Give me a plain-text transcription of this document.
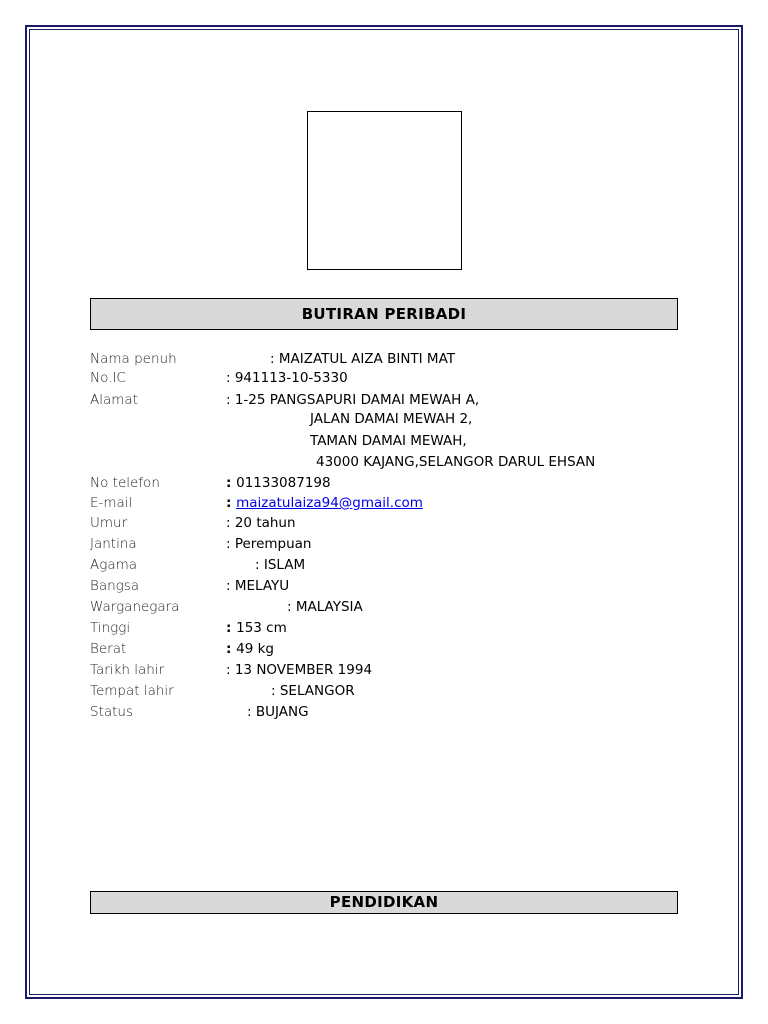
BUTIRAN PERIBADI
Nama penuh	: MAIZATUL AIZA BINTI MAT
No.IC	: 941113-10-5330
Alamat	: 1-25 PANGSAPURI DAMAI MEWAH A,
JALAN DAMAI MEWAH 2,
TAMAN DAMAI MEWAH,
43000 KAJANG,SELANGOR DARUL EHSAN
No telefon	: 01133087198
E-mail	: maizatulaiza94@gmail.com
Umur	: 20 tahun
Jantina	: Perempuan
Agama	: ISLAM
Bangsa	: MELAYU
Warganegara	: MALAYSIA
Tinggi	: 153 cm
Berat	: 49 kg
Tarikh lahir	: 13 NOVEMBER 1994
Tempat lahir	: SELANGOR
Status	: BUJANG
PENDIDIKAN
